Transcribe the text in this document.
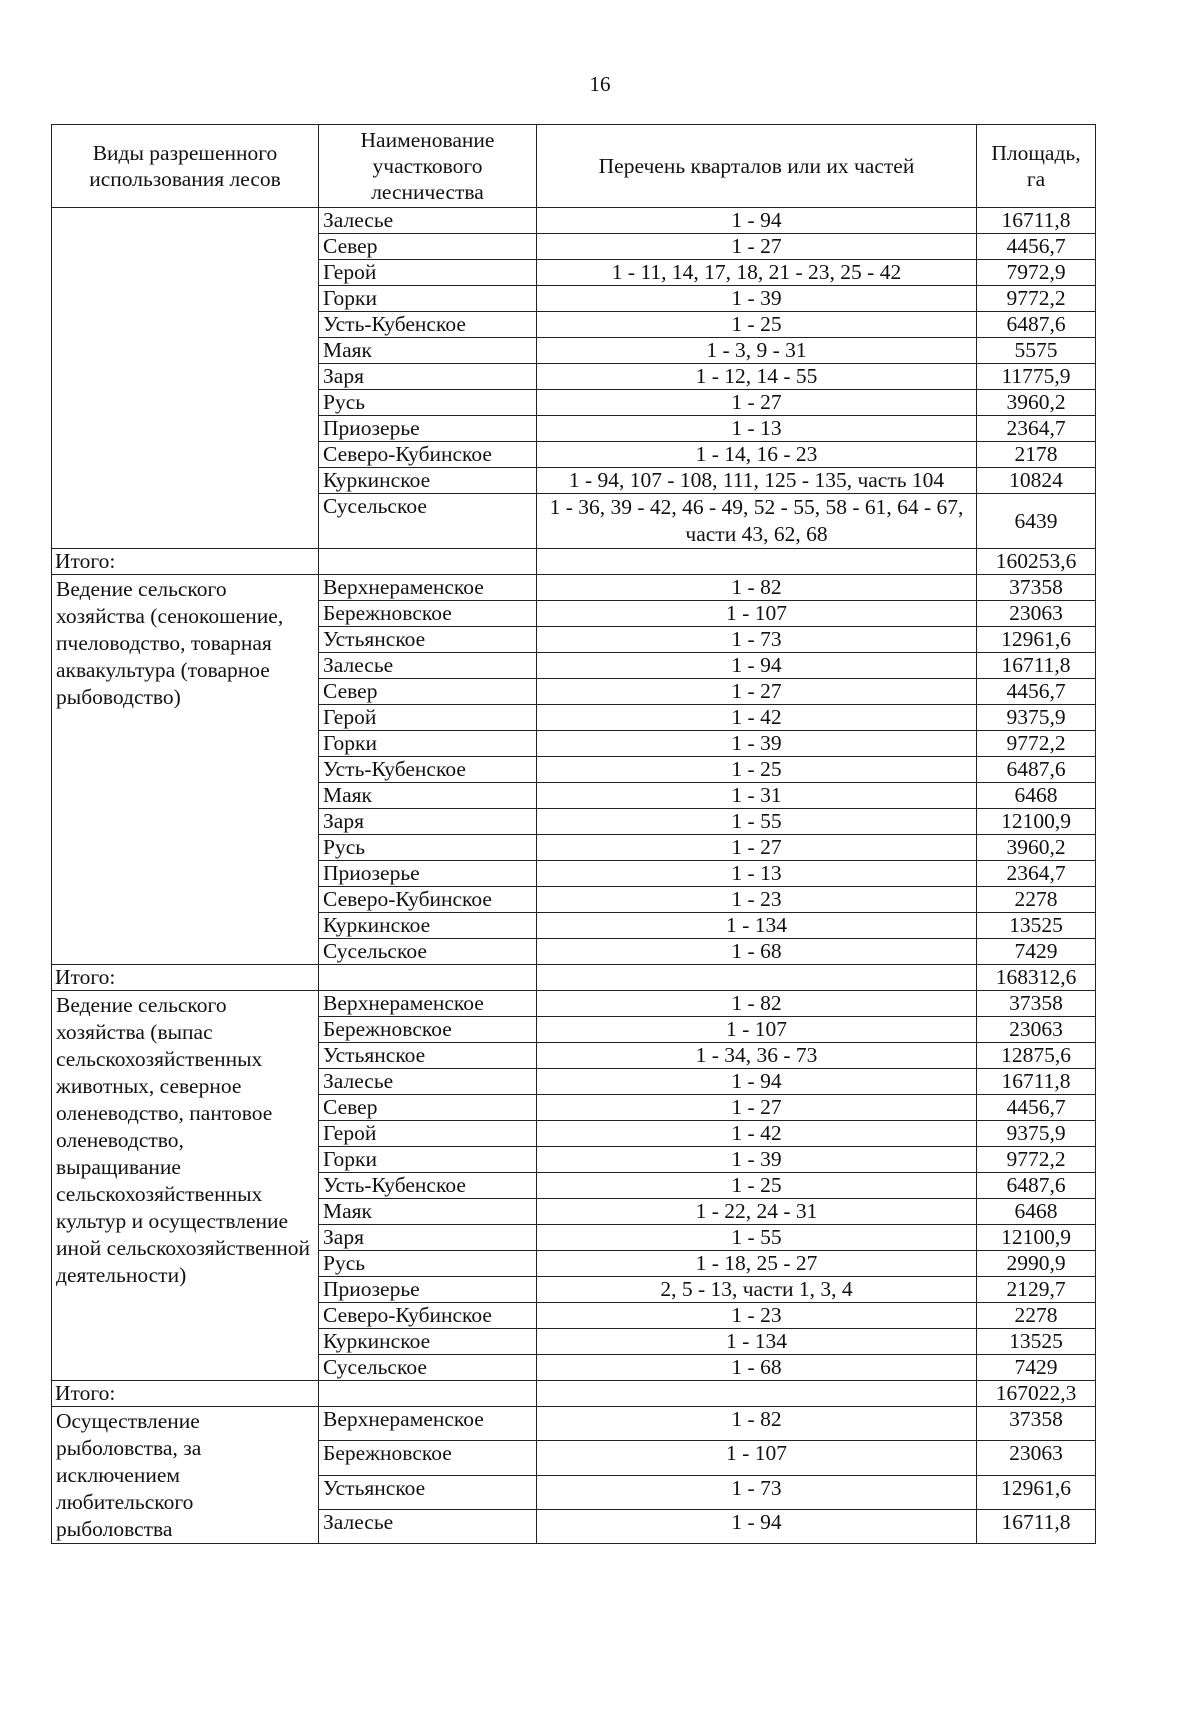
16
Виды разрешенного использования лесов	Наименование участкового лесничества	Перечень кварталов или их частей	Площадь, га
	Залесье	1 - 94	16711,8
	Север	1 - 27	4456,7
	Герой	1 - 11, 14, 17, 18, 21 - 23, 25 - 42	7972,9
	Горки	1 - 39	9772,2
	Усть-Кубенское	1 - 25	6487,6
	Маяк	1 - 3, 9 - 31	5575
	Заря	1 - 12, 14 - 55	11775,9
	Русь	1 - 27	3960,2
	Приозерье	1 - 13	2364,7
	Северо-Кубинское	1 - 14, 16 - 23	2178
	Куркинское	1 - 94, 107 - 108, 111, 125 - 135, часть 104	10824
	Сусельское	1 - 36, 39 - 42, 46 - 49, 52 - 55, 58 - 61, 64 - 67, части 43, 62, 68	6439
Итого:			160253,6
Ведение сельского хозяйства (сенокошение, пчеловодство, товарная аквакультура (товарное рыбоводство)	Верхнераменское	1 - 82	37358
	Бережновское	1 - 107	23063
	Устьянское	1 - 73	12961,6
	Залесье	1 - 94	16711,8
	Север	1 - 27	4456,7
	Герой	1 - 42	9375,9
	Горки	1 - 39	9772,2
	Усть-Кубенское	1 - 25	6487,6
	Маяк	1 - 31	6468
	Заря	1 - 55	12100,9
	Русь	1 - 27	3960,2
	Приозерье	1 - 13	2364,7
	Северо-Кубинское	1 - 23	2278
	Куркинское	1 - 134	13525
	Сусельское	1 - 68	7429
Итого:			168312,6
Ведение сельского хозяйства (выпас сельскохозяйственных животных, северное оленеводство, пантовое оленеводство, выращивание сельскохозяйственных культур и осуществление иной сельскохозяйственной деятельности)	Верхнераменское	1 - 82	37358
	Бережновское	1 - 107	23063
	Устьянское	1 - 34, 36 - 73	12875,6
	Залесье	1 - 94	16711,8
	Север	1 - 27	4456,7
	Герой	1 - 42	9375,9
	Горки	1 - 39	9772,2
	Усть-Кубенское	1 - 25	6487,6
	Маяк	1 - 22, 24 - 31	6468
	Заря	1 - 55	12100,9
	Русь	1 - 18, 25 - 27	2990,9
	Приозерье	2, 5 - 13, части 1, 3, 4	2129,7
	Северо-Кубинское	1 - 23	2278
	Куркинское	1 - 134	13525
	Сусельское	1 - 68	7429
Итого:			167022,3
Осуществление рыболовства, за исключением любительского рыболовства	Верхнераменское	1 - 82	37358
	Бережновское	1 - 107	23063
	Устьянское	1 - 73	12961,6
	Залесье	1 - 94	16711,8
